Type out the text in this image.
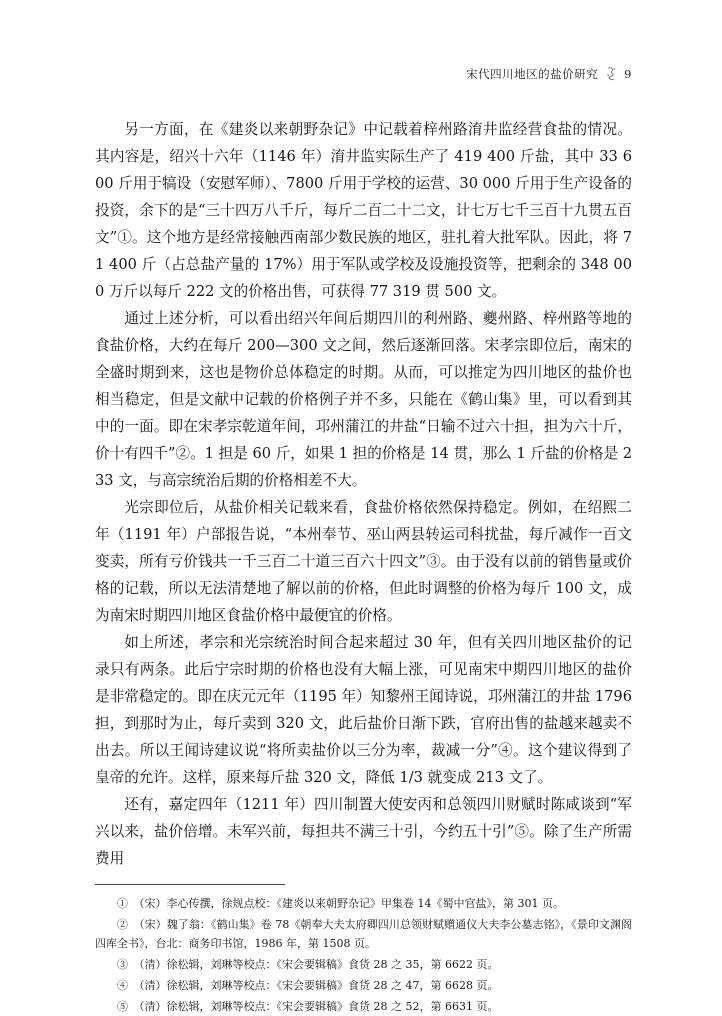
宋代四川地区的盐价研究 9

另一方面，在《建炎以来朝野杂记》中记载着梓州路淯井监经营食盐的情况。其内容是，绍兴十六年（1146 年）淯井监实际生产了 419 400 斤盐，其中 33 600 斤用于犒设（安慰军师）、7800 斤用于学校的运营、30 000 斤用于生产设备的投资，余下的是“三十四万八千斤，每斤二百二十二文，计七万七千三百十九贯五百文”①。这个地方是经常接触西南部少数民族的地区，驻扎着大批军队。因此，将 71 400 斤（占总盐产量的 17%）用于军队或学校及设施投资等，把剩余的 348 000 万斤以每斤 222 文的价格出售，可获得 77 319 贯 500 文。

通过上述分析，可以看出绍兴年间后期四川的利州路、夔州路、梓州路等地的食盐价格，大约在每斤 200—300 文之间，然后逐渐回落。宋孝宗即位后，南宋的全盛时期到来，这也是物价总体稳定的时期。从而，可以推定为四川地区的盐价也相当稳定，但是文献中记载的价格例子并不多，只能在《鹤山集》里，可以看到其中的一面。即在宋孝宗乾道年间，邛州蒲江的井盐“日输不过六十担，担为六十斤，价十有四千”②。1 担是 60 斤，如果 1 担的价格是 14 贯，那么 1 斤盐的价格是 233 文，与高宗统治后期的价格相差不大。

光宗即位后，从盐价相关记载来看，食盐价格依然保持稳定。例如，在绍熙二年（1191 年）户部报告说，“本州奉节、巫山两县转运司科扰盐，每斤减作一百文变卖，所有亏价钱共一千三百二十道三百六十四文”③。由于没有以前的销售量或价格的记载，所以无法清楚地了解以前的价格，但此时调整的价格为每斤 100 文，成为南宋时期四川地区食盐价格中最便宜的价格。

如上所述，孝宗和光宗统治时间合起来超过 30 年，但有关四川地区盐价的记录只有两条。此后宁宗时期的价格也没有大幅上涨，可见南宋中期四川地区的盐价是非常稳定的。即在庆元元年（1195 年）知黎州王闻诗说，邛州蒲江的井盐 1796 担，到那时为止，每斤卖到 320 文，此后盐价日渐下跌，官府出售的盐越来越卖不出去。所以王闻诗建议说“将所卖盐价以三分为率，裁减一分”④。这个建议得到了皇帝的允许。这样，原来每斤盐 320 文，降低 1/3 就变成 213 文了。

还有，嘉定四年（1211 年）四川制置大使安丙和总领四川财赋时陈咸谈到“军兴以来，盐价倍增。未军兴前，每担共不满三十引，今约五十引”⑤。除了生产所需费用

①　（宋）李心传撰，徐规点校：《建炎以来朝野杂记》甲集卷 14《蜀中官盐》，第 301 页。

②　（宋）魏了翁：《鹤山集》卷 78《朝奉大夫太府卿四川总领财赋赠通仪大夫李公墓志铭》，《景印文渊阁四库全书》，台北：商务印书馆，1986 年，第 1508 页。

③　（清）徐松辑，刘琳等校点：《宋会要辑稿》食货 28 之 35，第 6622 页。

④　（清）徐松辑，刘琳等校点：《宋会要辑稿》食货 28 之 47，第 6628 页。

⑤　（清）徐松辑，刘琳等校点：《宋会要辑稿》食货 28 之 52，第 6631 页。
